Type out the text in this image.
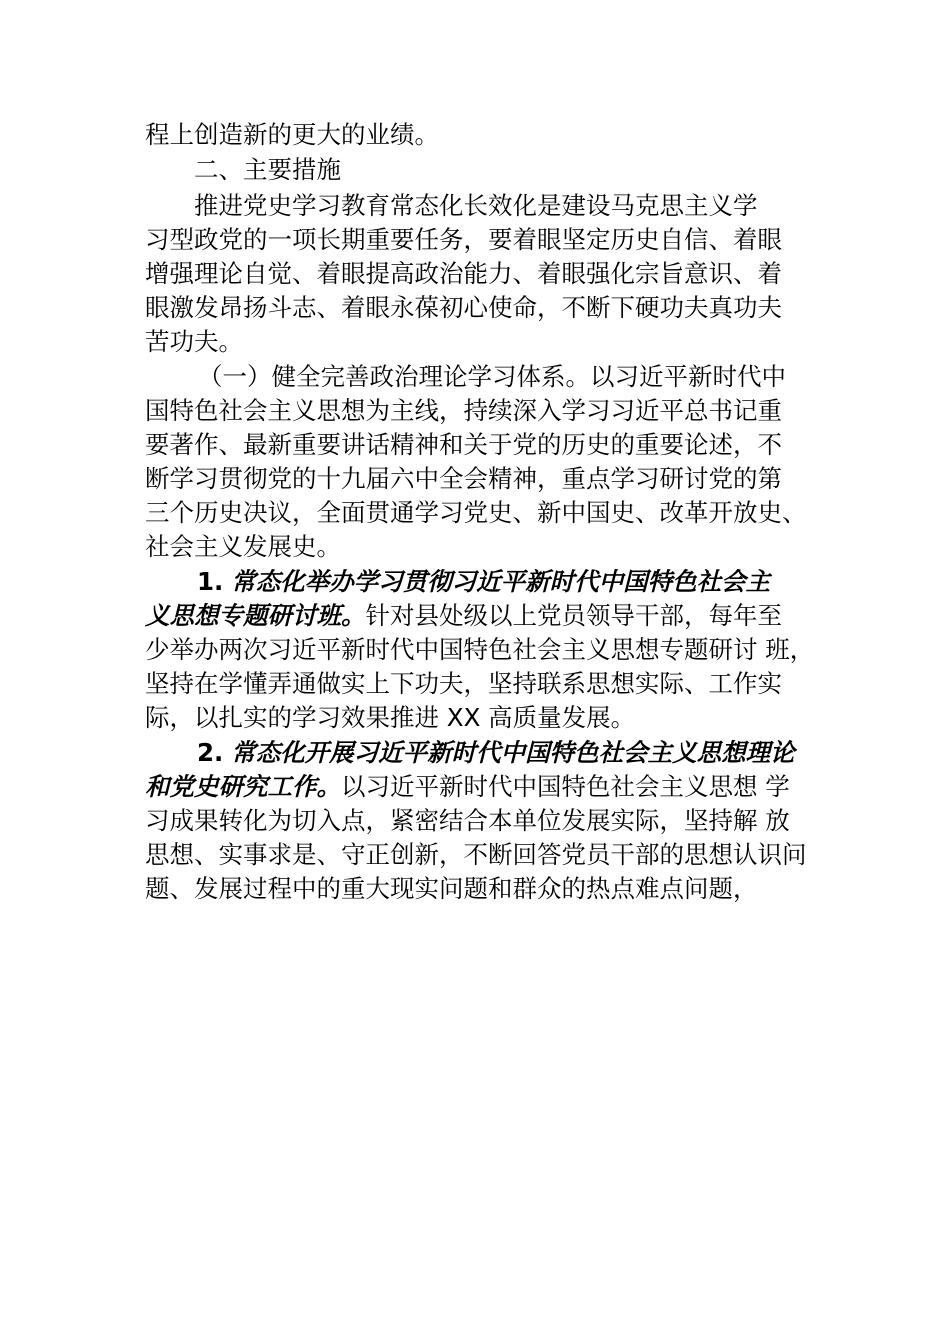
程上创造新的更大的业绩。
二、主要措施
推进党史学习教育常态化长效化是建设马克思主义学
习型政党的一项长期重要任务，要着眼坚定历史自信、着眼
增强理论自觉、着眼提高政治能力、着眼强化宗旨意识、着
眼激发昂扬斗志、着眼永葆初心使命，不断下硬功夫真功夫
苦功夫。
（一）健全完善政治理论学习体系。以习近平新时代中
国特色社会主义思想为主线，持续深入学习习近平总书记重
要著作、最新重要讲话精神和关于党的历史的重要论述，不
断学习贯彻党的十九届六中全会精神，重点学习研讨党的第
三个历史决议，全面贯通学习党史、新中国史、改革开放史、
社会主义发展史。
1. 常态化举办学习贯彻习近平新时代中国特色社会主
义思想专题研讨班。针对县处级以上党员领导干部，每年至
少举办两次习近平新时代中国特色社会主义思想专题研讨 班，
坚持在学懂弄通做实上下功夫，坚持联系思想实际、工作实
际，以扎实的学习效果推进 XX 高质量发展。
2. 常态化开展习近平新时代中国特色社会主义思想理论
和党史研究工作。以习近平新时代中国特色社会主义思想 学
习成果转化为切入点，紧密结合本单位发展实际，坚持解 放
思想、实事求是、守正创新，不断回答党员干部的思想认识问
题、发展过程中的重大现实问题和群众的热点难点问题，
